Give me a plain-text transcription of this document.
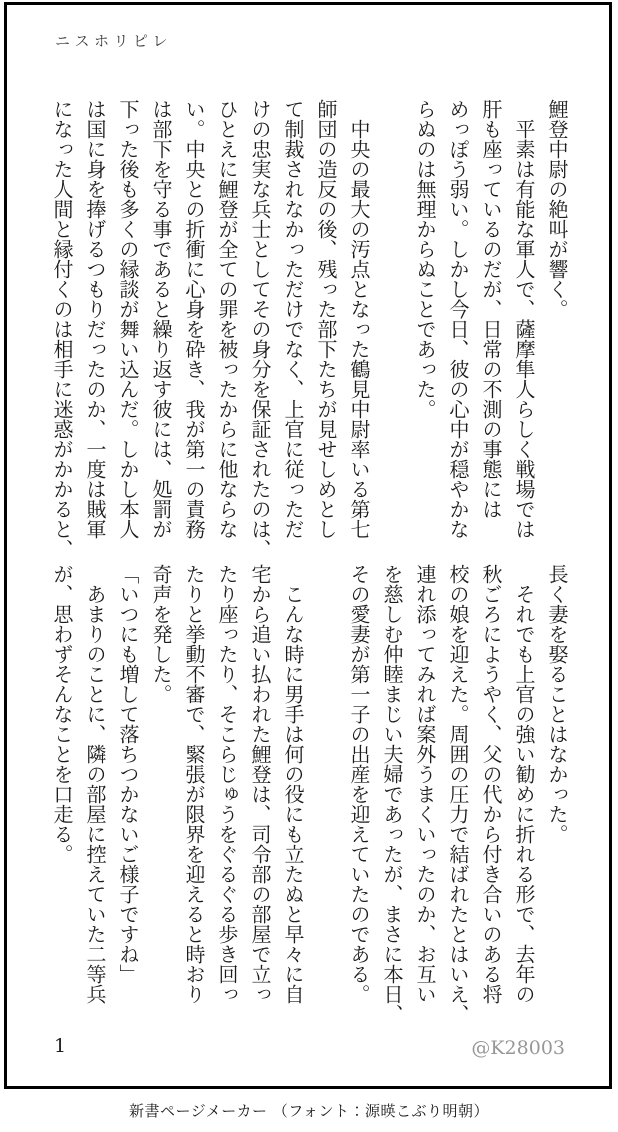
ニスホリピレ
鯉登中尉の絶叫が響く。
　平素は有能な軍人で、薩摩隼人らしく戦場では
肝も座っているのだが、日常の不測の事態には
めっぽう弱い。しかし今日、彼の心中が穏やかな
らぬのは無理からぬことであった。

　中央の最大の汚点となった鶴見中尉率いる第七
師団の造反の後、残った部下たちが見せしめとし
て制裁されなかっただけでなく、上官に従っただ
けの忠実な兵士としてその身分を保証されたのは、
ひとえに鯉登が全ての罪を被ったからに他ならな
い。中央との折衝に心身を砕き、我が第一の責務
は部下を守る事であると繰り返す彼には、処罰が
下った後も多くの縁談が舞い込んだ。しかし本人
は国に身を捧げるつもりだったのか、一度は賊軍
になった人間と縁付くのは相手に迷惑がかかると、
長く妻を娶ることはなかった。
　それでも上官の強い勧めに折れる形で、去年の
秋ごろにようやく、父の代から付き合いのある将
校の娘を迎えた。周囲の圧力で結ばれたとはいえ、
連れ添ってみれば案外うまくいったのか、お互い
を慈しむ仲睦まじい夫婦であったが、まさに本日、
その愛妻が第一子の出産を迎えていたのである。

　こんな時に男手は何の役にも立たぬと早々に自
宅から追い払われた鯉登は、司令部の部屋で立っ
たり座ったり、そこらじゅうをぐるぐる歩き回っ
たりと挙動不審で、緊張が限界を迎えると時おり
奇声を発した。
「いつにも増して落ちつかないご様子ですね」
　あまりのことに、隣の部屋に控えていた二等兵
が、思わずそんなことを口走る。
1	@K28003
新書ページメーカー （フォント：源暎こぶり明朝）
